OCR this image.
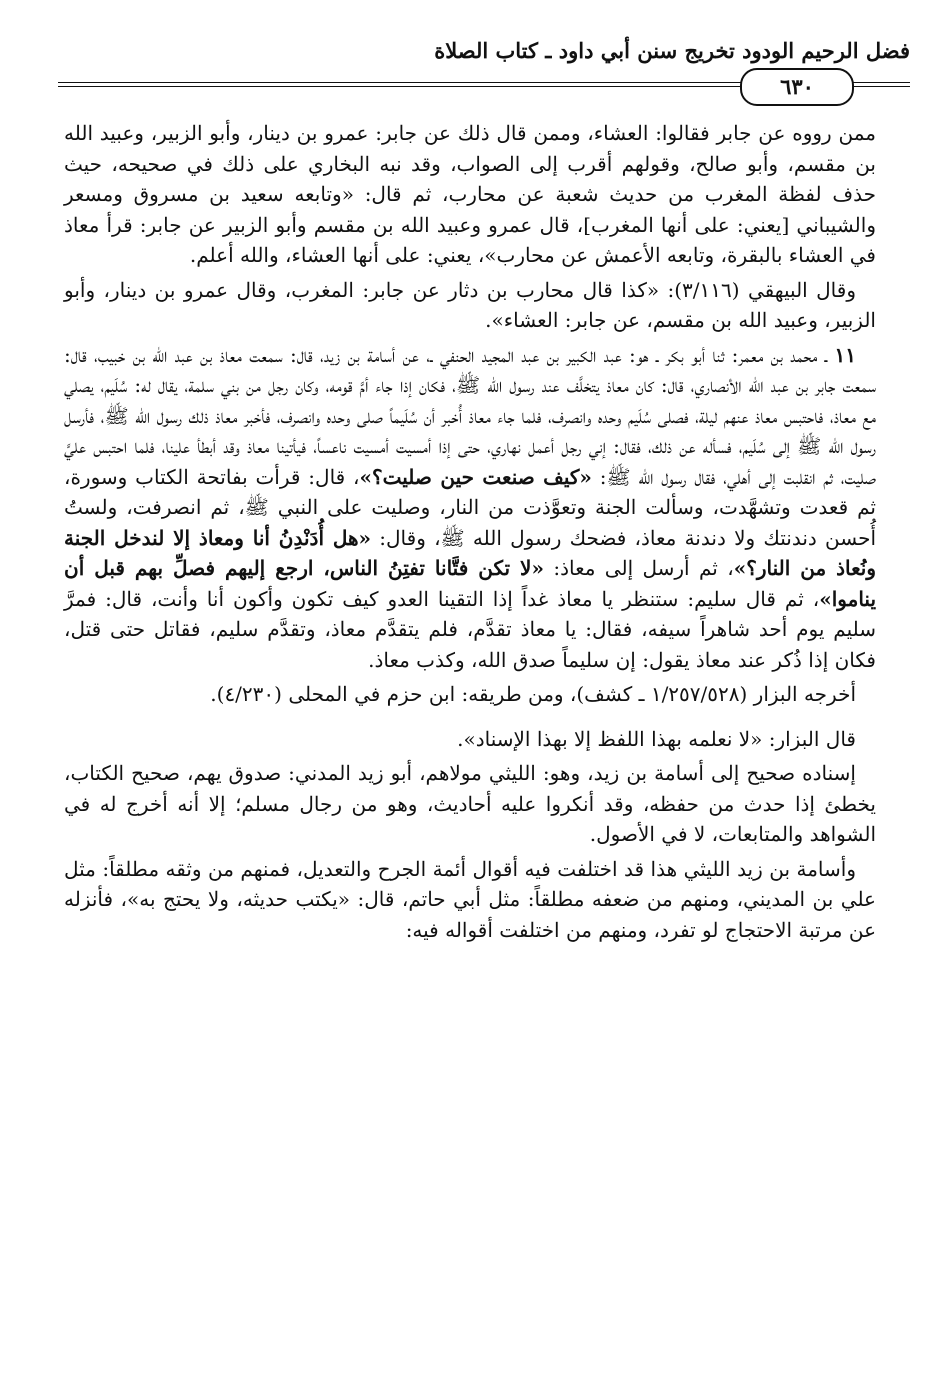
فضل الرحيم الودود تخريج سنن أبي داود ـ كتاب الصلاة
٦٣٠

ممن رووه عن جابر فقالوا: العشاء، وممن قال ذلك عن جابر: عمرو بن دينار، وأبو الزبير، وعبيد الله بن مقسم، وأبو صالح، وقولهم أقرب إلى الصواب، وقد نبه البخاري على ذلك في صحيحه، حيث حذف لفظة المغرب من حديث شعبة عن محارب، ثم قال: «وتابعه سعيد بن مسروق ومسعر والشيباني [يعني: على أنها المغرب]، قال عمرو وعبيد الله بن مقسم وأبو الزبير عن جابر: قرأ معاذ في العشاء بالبقرة، وتابعه الأعمش عن محارب»، يعني: على أنها العشاء، والله أعلم.

وقال البيهقي (٣/١١٦): «كذا قال محارب بن دثار عن جابر: المغرب، وقال عمرو بن دينار، وأبو الزبير، وعبيد الله بن مقسم، عن جابر: العشاء».

١١ ـ محمد بن معمر: ثنا أبو بكر ـ هو: عبد الكبير بن عبد المجيد الحنفي ـ، عن أسامة بن زيد، قال: سمعت معاذ بن عبد الله بن خبيب، قال: سمعت جابر بن عبد الله الأنصاري، قال: كان معاذ يتخلَّف عند رسول الله ﷺ، فكان إذا جاء أمَّ قومه، وكان رجل من بني سلمة، يقال له: سُلَيم، يصلي مع معاذ، فاحتبس معاذ عنهم ليلة، فصلى سُلَيم وحده وانصرف، فلما جاء معاذ أُخبر أن سُلَيماً صلى وحده وانصرف، فأخبر معاذ ذلك رسول الله ﷺ، فأرسل رسول الله ﷺ إلى سُلَيم، فسأله عن ذلك، فقال: إني رجل أعمل نهاري، حتى إذا أمسيت أمسيت ناعساً، فيأتينا معاذ وقد أبطأ علينا، فلما احتبس عليَّ صليت، ثم انقلبت إلى أهلي، فقال رسول الله ﷺ: «كيف صنعت حين صليت؟»، قال: قرأت بفاتحة الكتاب وسورة، ثم قعدت وتشهَّدت، وسألت الجنة وتعوَّذت من النار، وصليت على النبي ﷺ، ثم انصرفت، ولستُ أُحسن دندنتك ولا دندنة معاذ، فضحك رسول الله ﷺ، وقال: «هل أُدَنْدِنُ أنا ومعاذ إلا لندخل الجنة ونُعاذ من النار؟»، ثم أرسل إلى معاذ: «لا تكن فتَّانا تفتِنُ الناس، ارجع إليهم فصلِّ بهم قبل أن يناموا»، ثم قال سليم: ستنظر يا معاذ غداً إذا التقينا العدو كيف تكون وأكون أنا وأنت، قال: فمرَّ سليم يوم أحد شاهراً سيفه، فقال: يا معاذ تقدَّم، فلم يتقدَّم معاذ، وتقدَّم سليم، فقاتل حتى قتل، فكان إذا ذُكر عند معاذ يقول: إن سليماً صدق الله، وكذب معاذ.

أخرجه البزار (١/٢٥٧/٥٢٨ ـ كشف)، ومن طريقه: ابن حزم في المحلى (٤/٢٣٠).

قال البزار: «لا نعلمه بهذا اللفظ إلا بهذا الإسناد».

إسناده صحيح إلى أسامة بن زيد، وهو: الليثي مولاهم، أبو زيد المدني: صدوق يهم، صحيح الكتاب، يخطئ إذا حدث من حفظه، وقد أنكروا عليه أحاديث، وهو من رجال مسلم؛ إلا أنه أخرج له في الشواهد والمتابعات، لا في الأصول.

وأسامة بن زيد الليثي هذا قد اختلفت فيه أقوال أئمة الجرح والتعديل، فمنهم من وثقه مطلقاً: مثل علي بن المديني، ومنهم من ضعفه مطلقاً: مثل أبي حاتم، قال: «يكتب حديثه، ولا يحتج به»، فأنزله عن مرتبة الاحتجاج لو تفرد، ومنهم من اختلفت أقواله فيه:
